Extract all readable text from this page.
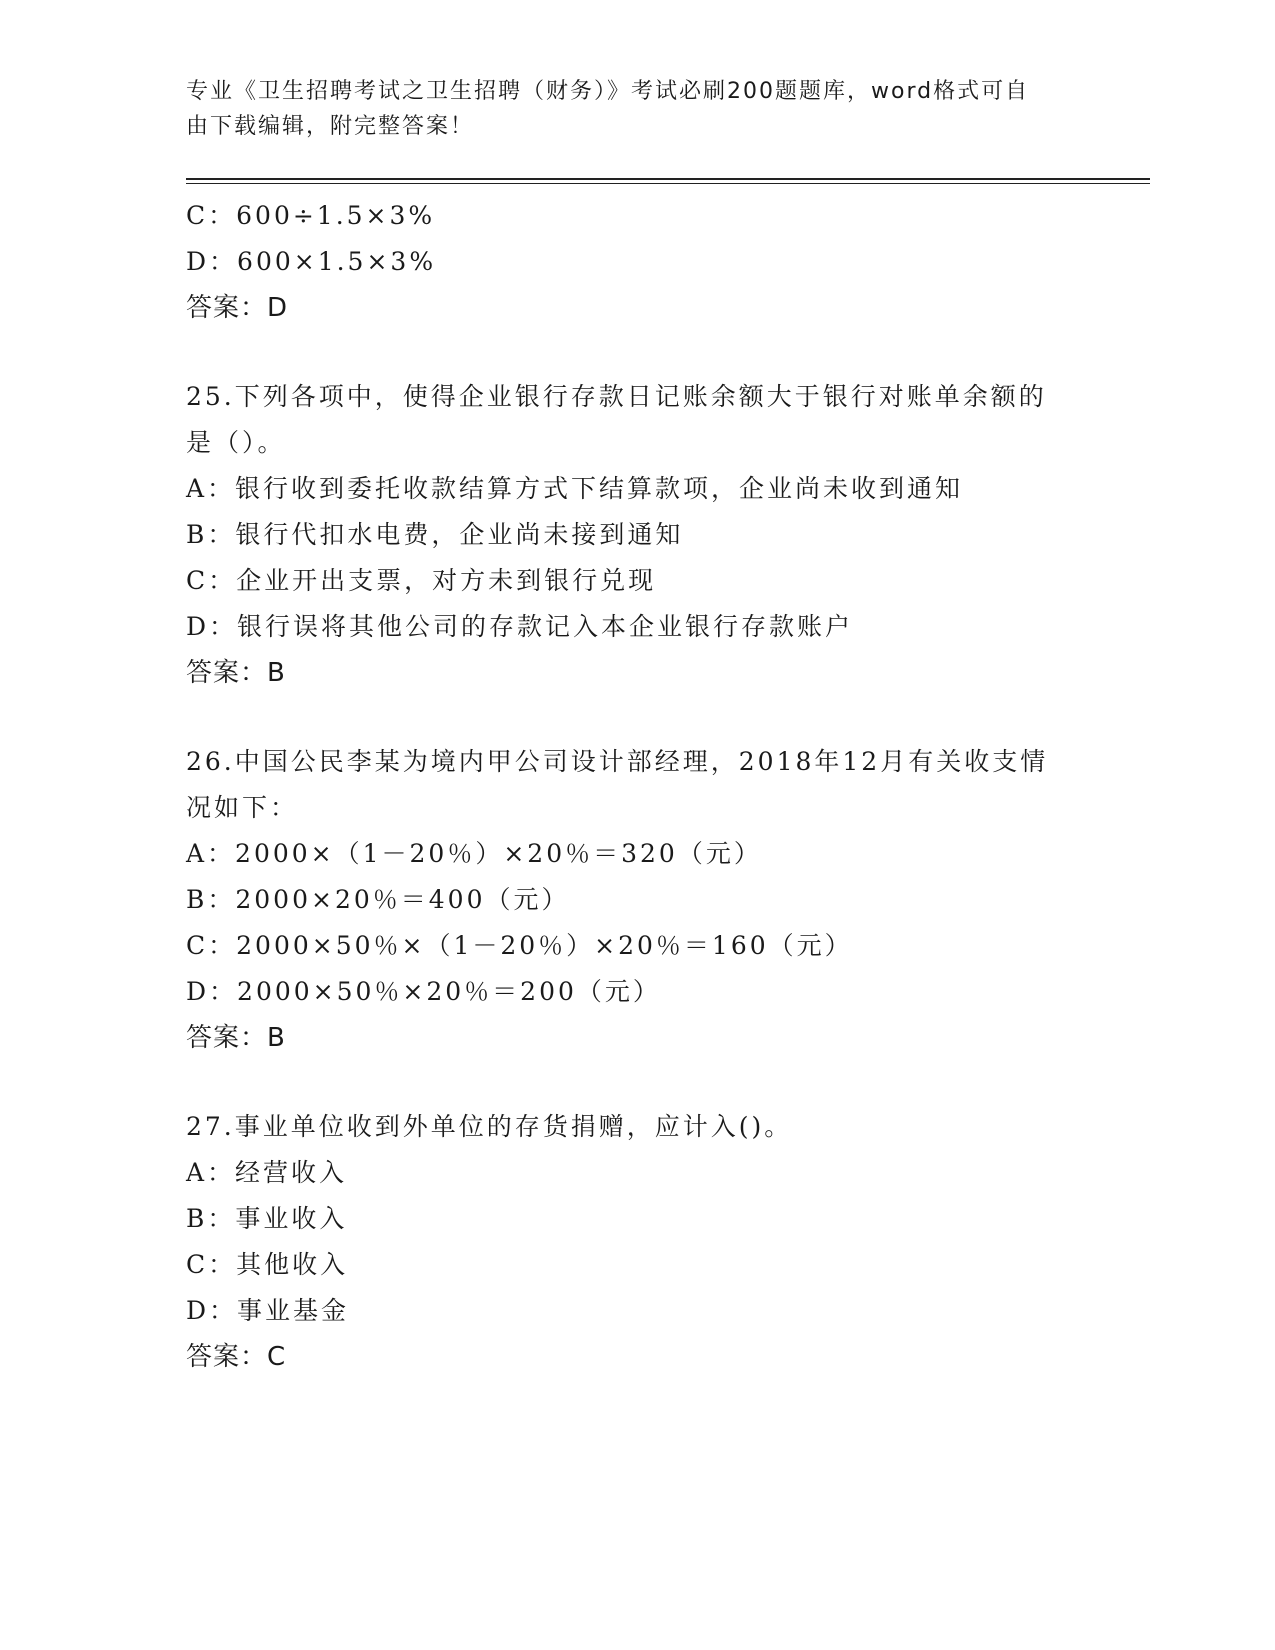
专业《卫生招聘考试之卫生招聘（财务）》考试必刷200题题库，word格式可自
由下载编辑，附完整答案！
C：600÷1.5×3%
D：600×1.5×3%
答案：D
25.下列各项中，使得企业银行存款日记账余额大于银行对账单余额的
是（）。
A：银行收到委托收款结算方式下结算款项，企业尚未收到通知
B：银行代扣水电费，企业尚未接到通知
C：企业开出支票，对方未到银行兑现
D：银行误将其他公司的存款记入本企业银行存款账户
答案：B
26.中国公民李某为境内甲公司设计部经理，2018年12月有关收支情
况如下：
A：2000×（1－20％）×20％＝320（元）
B：2000×20％＝400（元）
C：2000×50％×（1－20％）×20％＝160（元）
D：2000×50％×20％＝200（元）
答案：B
27.事业单位收到外单位的存货捐赠，应计入()。
A：经营收入
B：事业收入
C：其他收入
D：事业基金
答案：C
